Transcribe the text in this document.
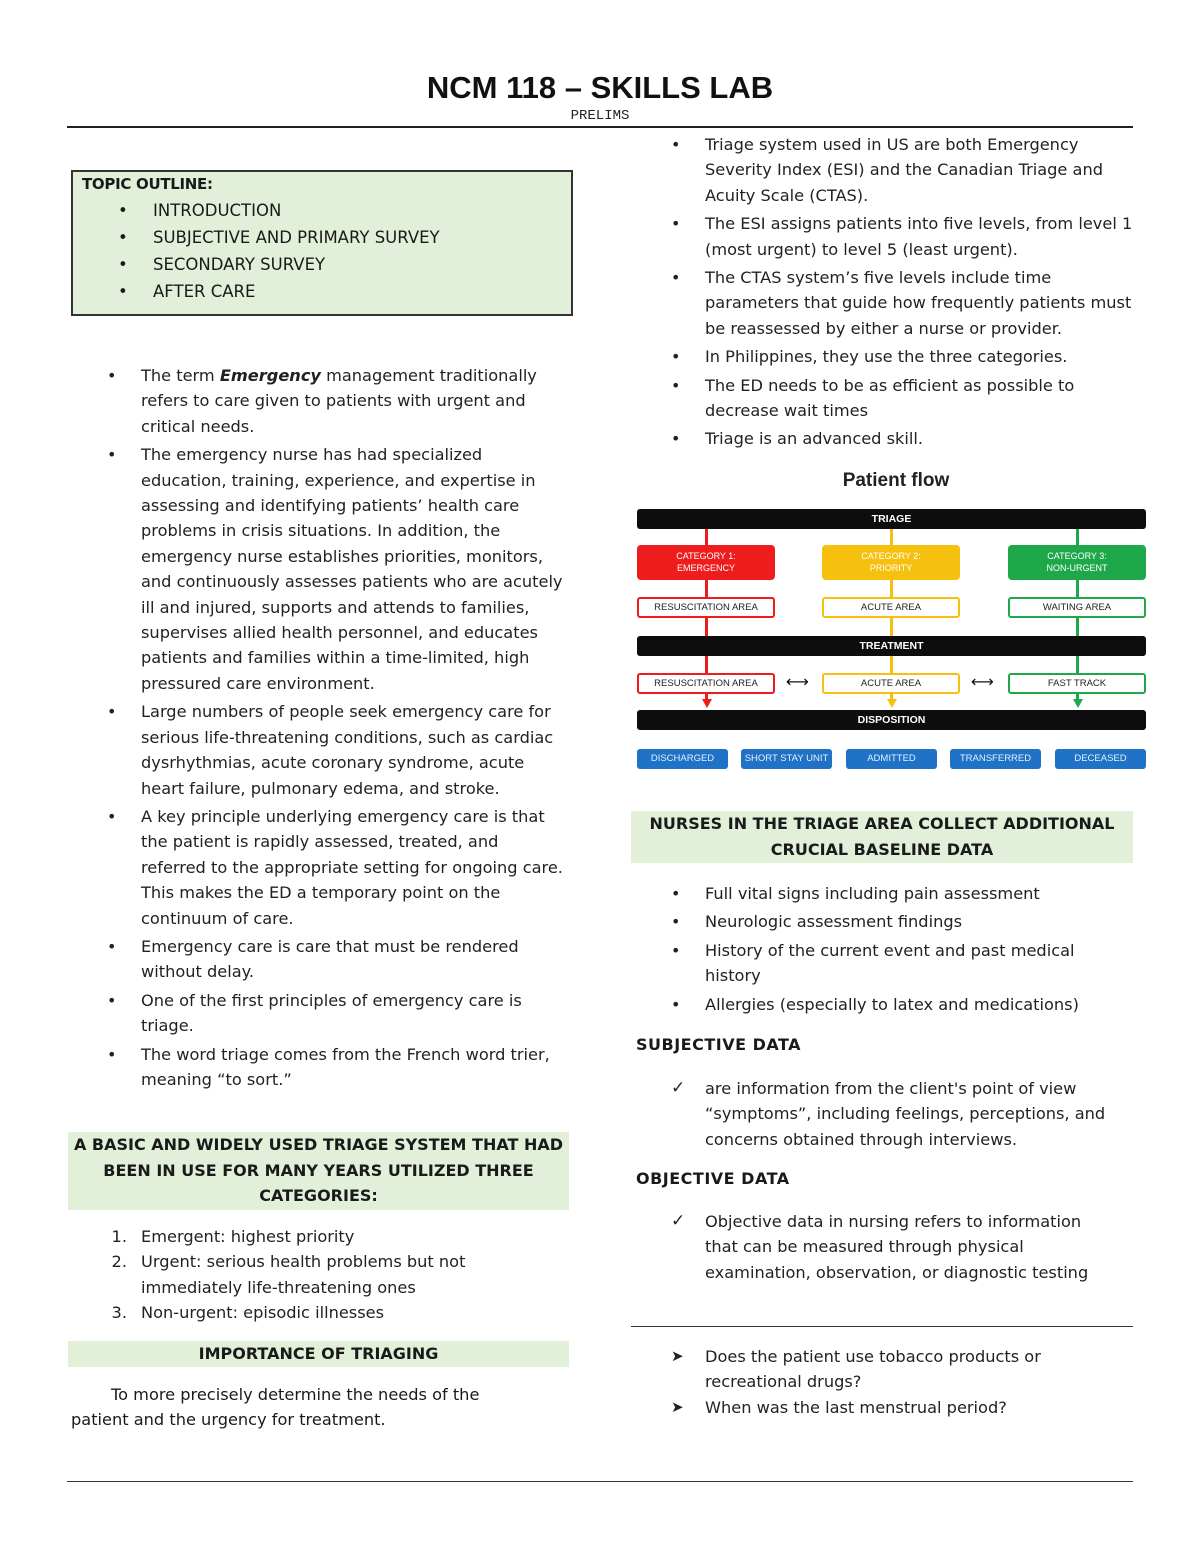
NCM 118 – SKILLS LAB
PRELIMS
TOPIC OUTLINE:
• INTRODUCTION
• SUBJECTIVE AND PRIMARY SURVEY
• SECONDARY SURVEY
• AFTER CARE
• The term Emergency management traditionally refers to care given to patients with urgent and critical needs.
• The emergency nurse has had specialized education, training, experience, and expertise in assessing and identifying patients’ health care problems in crisis situations. In addition, the emergency nurse establishes priorities, monitors, and continuously assesses patients who are acutely ill and injured, supports and attends to families, supervises allied health personnel, and educates patients and families within a time-limited, high pressured care environment.
• Large numbers of people seek emergency care for serious life-threatening conditions, such as cardiac dysrhythmias, acute coronary syndrome, acute heart failure, pulmonary edema, and stroke.
• A key principle underlying emergency care is that the patient is rapidly assessed, treated, and referred to the appropriate setting for ongoing care. This makes the ED a temporary point on the continuum of care.
• Emergency care is care that must be rendered without delay.
• One of the first principles of emergency care is triage.
• The word triage comes from the French word trier, meaning “to sort.”
A BASIC AND WIDELY USED TRIAGE SYSTEM THAT HAD BEEN IN USE FOR MANY YEARS UTILIZED THREE CATEGORIES:
1. Emergent: highest priority
2. Urgent: serious health problems but not immediately life-threatening ones
3. Non-urgent: episodic illnesses
IMPORTANCE OF TRIAGING
To more precisely determine the needs of the patient and the urgency for treatment.
• Triage system used in US are both Emergency Severity Index (ESI) and the Canadian Triage and Acuity Scale (CTAS).
• The ESI assigns patients into five levels, from level 1 (most urgent) to level 5 (least urgent).
• The CTAS system’s five levels include time parameters that guide how frequently patients must be reassessed by either a nurse or provider.
• In Philippines, they use the three categories.
• The ED needs to be as efficient as possible to decrease wait times
• Triage is an advanced skill.
Patient flow
TRIAGE
CATEGORY 1:
EMERGENCY
CATEGORY 2:
PRIORITY
CATEGORY 3:
NON-URGENT
RESUSCITATION AREA	ACUTE AREA	WAITING AREA
TREATMENT
RESUSCITATION AREA	⟷	ACUTE AREA	⟷	FAST TRACK
DISPOSITION
DISCHARGED	SHORT STAY UNIT	ADMITTED	TRANSFERRED	DECEASED
NURSES IN THE TRIAGE AREA COLLECT ADDITIONAL CRUCIAL BASELINE DATA
• Full vital signs including pain assessment
• Neurologic assessment findings
• History of the current event and past medical history
• Allergies (especially to latex and medications)
SUBJECTIVE DATA
✓ are information from the client's point of view “symptoms”, including feelings, perceptions, and concerns obtained through interviews.
OBJECTIVE DATA
✓ Objective data in nursing refers to information that can be measured through physical examination, observation, or diagnostic testing
➤ Does the patient use tobacco products or recreational drugs?
➤ When was the last menstrual period?
